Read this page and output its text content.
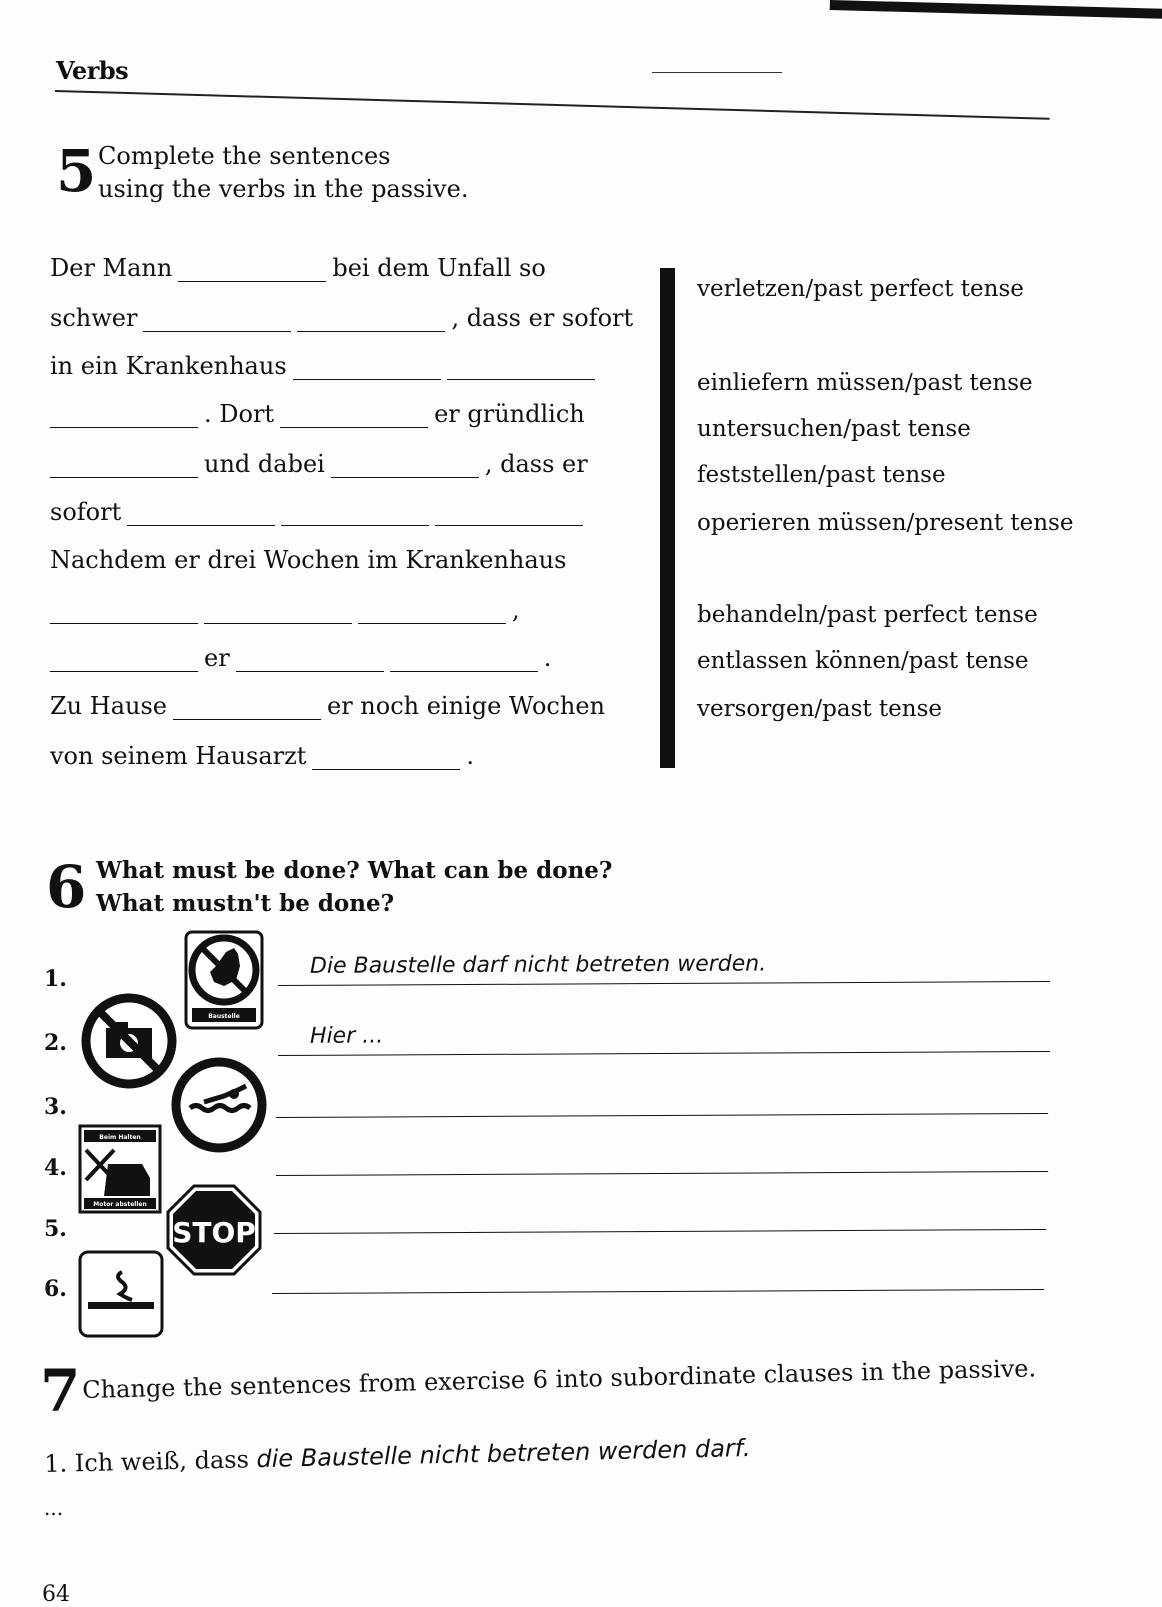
Verbs
5 Complete the sentences
using the verbs in the passive.
Der Mann	bei dem Unfall so
schwer	, dass er sofort
in ein Krankenhaus
. Dort	er gründlich
und dabei	, dass er
sofort
Nachdem er drei Wochen im Krankenhaus
,
er	.
Zu Hause	er noch einige Wochen
von seinem Hausarzt	.
verletzen/past perfect tense
einliefern müssen/past tense
untersuchen/past tense
feststellen/past tense
operieren müssen/present tense
behandeln/past perfect tense
entlassen können/past tense
versorgen/past tense
6 What must be done? What can be done?
What mustn't be done?
1.
2.
3.
4.
5.
6.
Die Baustelle darf nicht betreten werden.
Hier ...
Baustelle
Beim Halten
Motor abstellen
STOP
7 Change the sentences from exercise 6 into subordinate clauses in the passive.
1. Ich weiß, dass die Baustelle nicht betreten werden darf.
...
64
